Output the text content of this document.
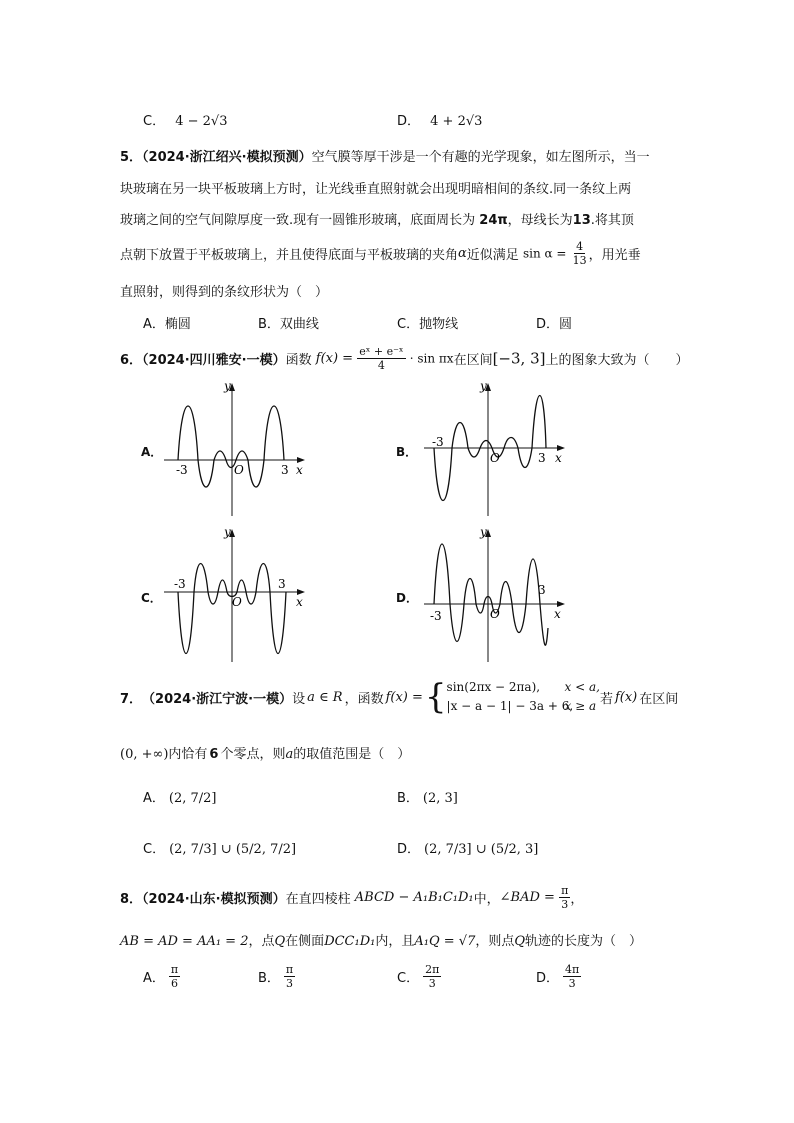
C． 4 − 2√3	D． 4 + 2√3
5．（2024·浙江绍兴·模拟预测）空气膜等厚干涉是一个有趣的光学现象，如左图所示，当一
块玻璃在另一块平板玻璃上方时，让光线垂直照射就会出现明暗相间的条纹.同一条纹上两
玻璃之间的空气间隙厚度一致.现有一圆锥形玻璃，底面周长为 24π，母线长为13.将其顶
点朝下放置于平板玻璃上，并且使得底面与平板玻璃的夹角α近似满足 $\sin \alpha = \frac{4}{13}$ ，用光垂
直照射，则得到的条纹形状为（　）
A．椭圆	B．双曲线	C．抛物线	D．圆
6．（2024·四川雅安·一模）函数 $f(x) = \frac{\text{eˣ + e⁻ˣ}}{4} \cdot \sin \pi x$在区间[−3, 3]上的图象大致为（　　）
A．
-3	3
O	x
y
B．
-3
3
O	x
y
C．
-3	3
O	x
y
D．
-3
3
O	x
y
7． （2024·浙江宁波·一模） 设 a ∈ R ，函数 f(x) = { sin(2πx − 2πa), x < a,
|x − a − 1| − 3a + 6,x ≥ a 若 f(x) 在区间
(0, +∞)内恰有 6 个零点，则a的取值范围是（　）
A． (2, 7/2]	B． (2, 3]
C． (2, 7/3] ∪ (5/2, 7/2]	D． (2, 7/3] ∪ (5/2, 3]
8．（2024·山东·模拟预测）在直四棱柱 ABCD − A₁B₁C₁D₁中，∠BAD = $\frac{\pi}{3}$ ，
AB = AD = AA₁ = 2，点Q在侧面DCC₁D₁内，且A₁Q = √7，则点Q轨迹的长度为（　）
A． $\frac{\pi}{6}$	B． $\frac{\pi}{3}$	C． $\frac{2\pi}{3}$	D． $\frac{4\pi}{3}$
